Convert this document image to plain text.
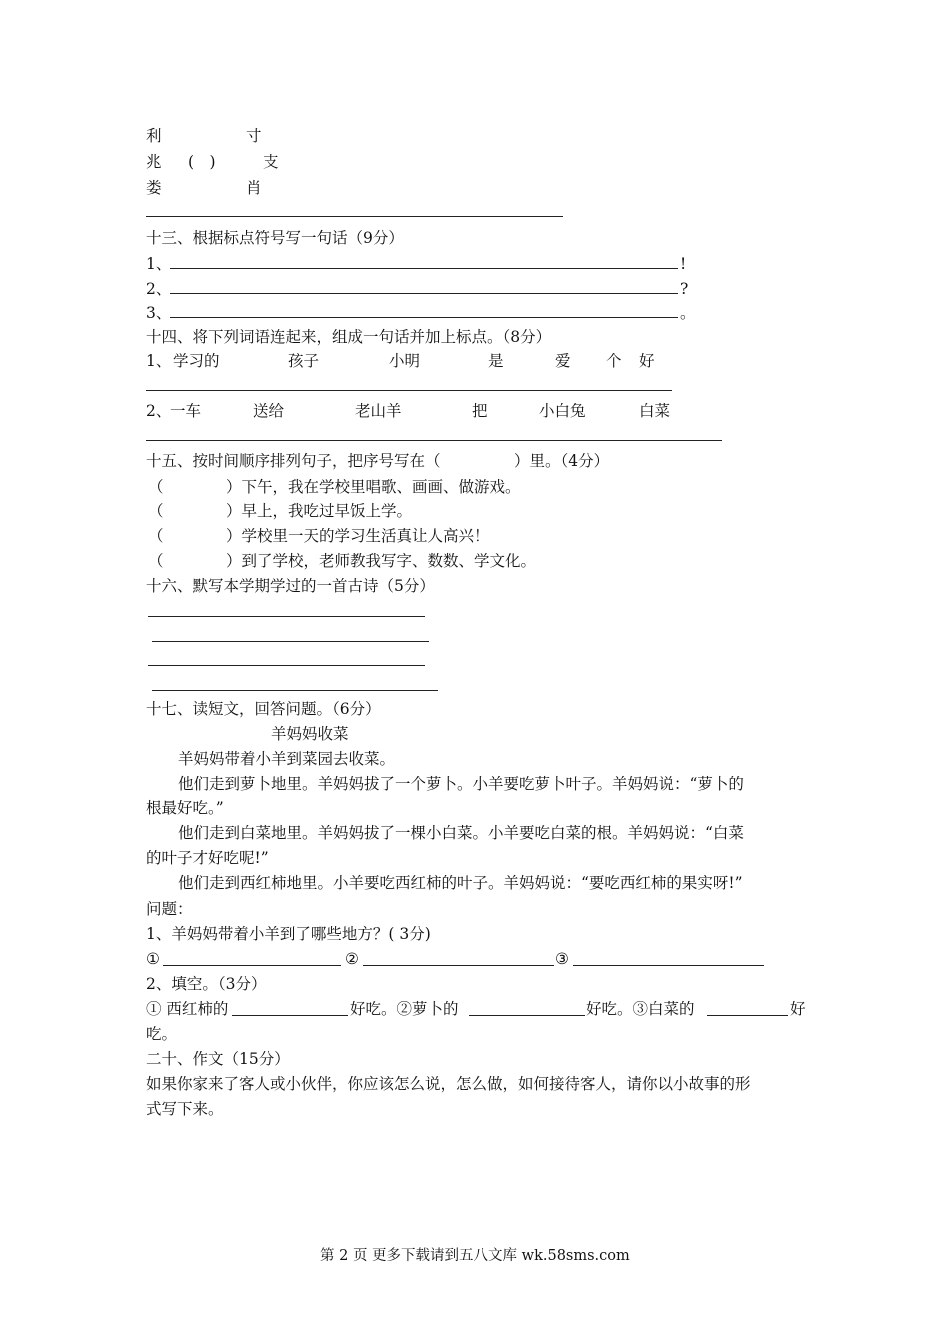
利	寸
兆 (　)	支
娄	肖
十三、根据标点符号写一句话（9分）
1、	!
2、	?
3、	。
十四、将下列词语连起来，组成一句话并加上标点。（8分）
1、 学习的	孩子	小明	是	爱 个 好
2、
一车	送给	老山羊	把	小白兔	白菜
十五、按时间顺序排列句子，把序号写在（	）里。（4分）
（	）下午，我在学校里唱歌、画画、做游戏。
（	）早上，我吃过早饭上学。
（	）学校里一天的学习生活真让人高兴！
（	）到了学校，老师教我写字、数数、学文化。
十六、默写本学期学过的一首古诗（5分）
十七、读短文，回答问题。（6分）
羊妈妈收菜
羊妈妈带着小羊到菜园去收菜。
他们走到萝卜地里。羊妈妈拔了一个萝卜。小羊要吃萝卜叶子。羊妈妈说：“萝卜的
根最好吃。”
他们走到白菜地里。羊妈妈拔了一棵小白菜。小羊要吃白菜的根。羊妈妈说：“白菜
的叶子才好吃呢!”
他们走到西红柿地里。小羊要吃西红柿的叶子。羊妈妈说：“要吃西红柿的果实呀!”
问题：
1、羊妈妈带着小羊到了哪些地方？( 3分)
①	②	③
2、填空。（3分）
① 西红柿的	好吃。②萝卜的	好吃。③白菜的	好
吃。
二十、作文（15分）
如果你家来了客人或小伙伴，你应该怎么说，怎么做，如何接待客人，请你以小故事的形
式写下来。
第 2 页 更多下载请到五八文库 wk.58sms.com
